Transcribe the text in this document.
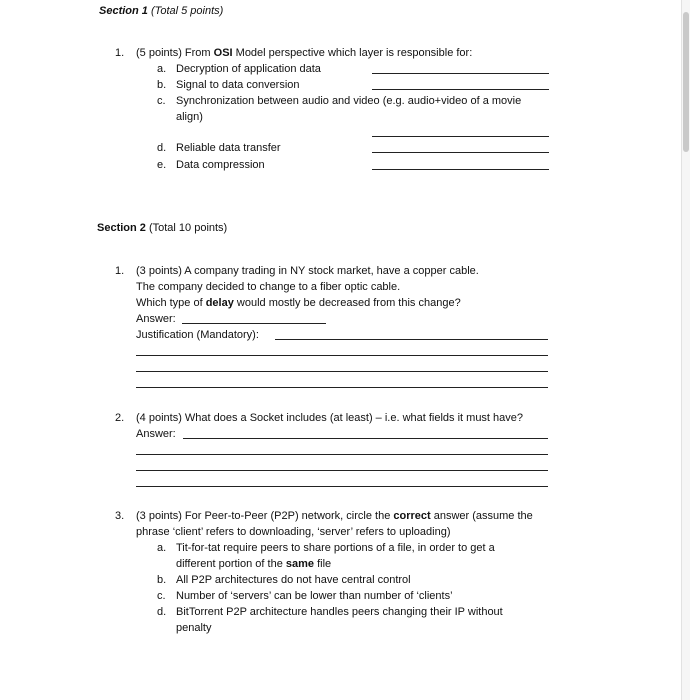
Section 1 (Total 5 points)
1. (5 points) From OSI Model perspective which layer is responsible for:
a. Decryption of application data
b. Signal to data conversion
c. Synchronization between audio and video (e.g. audio+video of a movie
align)
d. Reliable data transfer
e. Data compression
Section 2 (Total 10 points)
1. (3 points) A company trading in NY stock market, have a copper cable.
The company decided to change to a fiber optic cable.
Which type of delay would mostly be decreased from this change?
Answer:
Justification (Mandatory):
2. (4 points) What does a Socket includes (at least) – i.e. what fields it must have?
Answer:
3. (3 points) For Peer-to-Peer (P2P) network, circle the correct answer (assume the
phrase ‘client’ refers to downloading, ‘server’ refers to uploading)
a. Tit-for-tat require peers to share portions of a file, in order to get a
different portion of the same file
b. All P2P architectures do not have central control
c. Number of ‘servers’ can be lower than number of ‘clients’
d. BitTorrent P2P architecture handles peers changing their IP without
penalty
